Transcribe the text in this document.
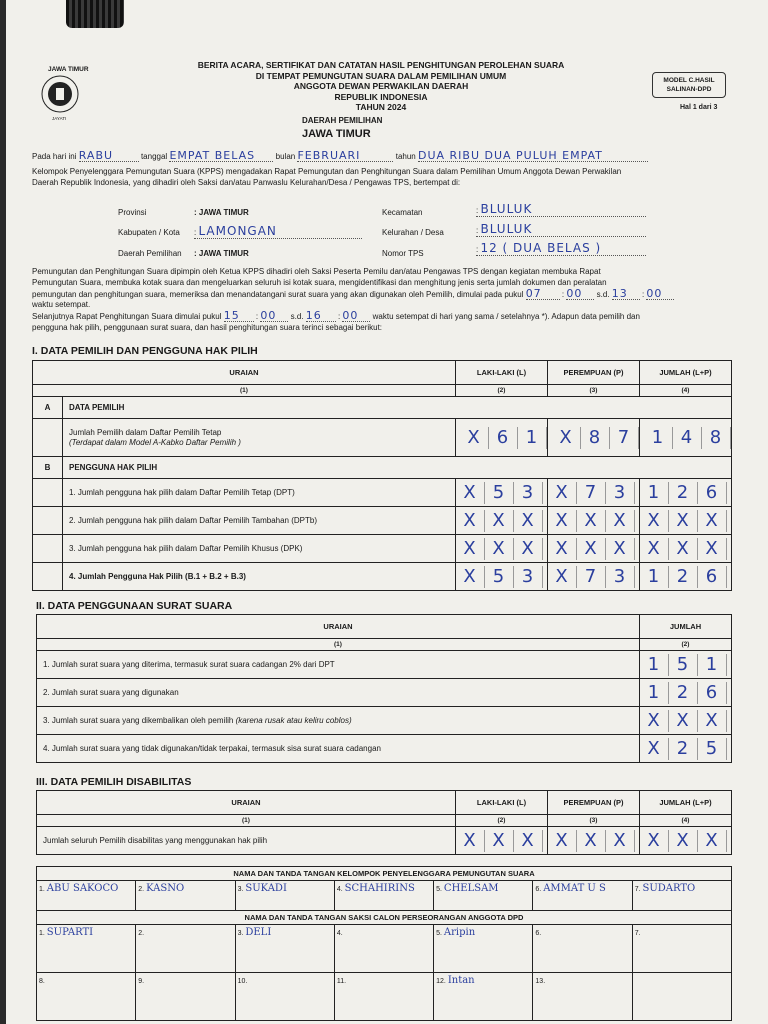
JAWA TIMUR
JAYATI
BERITA ACARA, SERTIFIKAT DAN CATATAN HASIL PENGHITUNGAN PEROLEHAN SUARA
DI TEMPAT PEMUNGUTAN SUARA DALAM PEMILIHAN UMUM
ANGGOTA DEWAN PERWAKILAN DAERAH
REPUBLIK INDONESIA
TAHUN 2024
MODEL C.HASIL
SALINAN-DPD
Hal 1 dari 3
DAERAH PEMILIHAN
JAWA TIMUR
Pada hari ini RABU	tanggal EMPAT BELAS	bulan FEBRUARI	tahun DUA RIBU DUA PULUH EMPAT
Kelompok Penyelenggara Pemungutan Suara (KPPS) mengadakan Rapat Pemungutan dan Penghitungan Suara dalam Pemilihan Umum Anggota Dewan Perwakilan
Daerah Republik Indonesia, yang dihadiri oleh Saksi dan/atau Panwaslu Kelurahan/Desa / Pengawas TPS, bertempat di:
Provinsi	: JAWA TIMUR
Kabupaten / Kota : LAMONGAN
Daerah Pemilihan : JAWA TIMUR
Kecamatan	: BLULUK
Kelurahan / Desa	: BLULUK
Nomor TPS	: 12 ( DUA BELAS )
Pemungutan dan Penghitungan Suara dipimpin oleh Ketua KPPS dihadiri oleh Saksi Peserta Pemilu dan/atau Pengawas TPS dengan kegiatan membuka Rapat
Pemungutan Suara, membuka kotak suara dan mengeluarkan seluruh isi kotak suara, mengidentifikasi dan menghitung jenis serta jumlah dokumen dan peralatan
pemungutan dan penghitungan suara, memeriksa dan menandatangani surat suara yang akan digunakan oleh Pemilih, dimulai pada pukul 07 : 00 s.d. 13 : 00
waktu setempat.
Selanjutnya Rapat Penghitungan Suara dimulai pukul 15 : 00 s.d. 16 : 00 waktu setempat di hari yang sama / setelahnya *). Adapun data pemilih dan
pengguna hak pilih, penggunaan surat suara, dan hasil penghitungan suara terinci sebagai berikut:
I. DATA PEMILIH DAN PENGGUNA HAK PILIH
URAIAN		LAKI-LAKI (L)	PEREMPUAN (P)	JUMLAH (L+P)
(1)		(2)	(3)	(4)
A	DATA PEMILIH			

	Jumlah Pemilih dalam Daftar Pemilih Tetap
(Terdapat dalam Model A-Kabko Daftar Pemilih )	X 6 1	X 8 7	1 4 8
B	PENGGUNA HAK PILIH			
	1. Jumlah pengguna hak pilih dalam Daftar Pemilih Tetap (DPT)	X 5 3	X 7 3	1 2 6
	2. Jumlah pengguna hak pilih dalam Daftar Pemilih Tambahan (DPTb)	X X X	X X X	X X X
	3. Jumlah pengguna hak pilih dalam Daftar Pemilih Khusus (DPK)	X X X	X X X	X X X
	4. Jumlah Pengguna Hak Pilih (B.1 + B.2 + B.3)	X 5 3	X 7 3	1 2 6
II. DATA PENGGUNAAN SURAT SUARA
URAIAN	JUMLAH
(1)	(2)
1. Jumlah surat suara yang diterima, termasuk surat suara cadangan 2% dari DPT	1 5 1
2. Jumlah surat suara yang digunakan	1 2 6
3. Jumlah surat suara yang dikembalikan oleh pemilih (karena rusak atau keliru coblos)	X X X
4. Jumlah surat suara yang tidak digunakan/tidak terpakai, termasuk sisa surat suara cadangan	X 2 5
III. DATA PEMILIH DISABILITAS
URAIAN	LAKI-LAKI (L)	PEREMPUAN (P)	JUMLAH (L+P)
(1)	(2)	(3)	(4)
Jumlah seluruh Pemilih disabilitas yang menggunakan hak pilih	X X X	X X X	X X X
NAMA DAN TANDA TANGAN KELOMPOK PENYELENGGARA PEMUNGUTAN SUARA						
1. ABU SAKOCO	2. KASNO	3. SUKADI	4. SCHAHIRINS	5. CHELSAM	6. AMMAT U S	7. SUDARTO
NAMA DAN TANDA TANGAN SAKSI CALON PERSEORANGAN ANGGOTA DPD						
1. SUPARTI	2.	3. DELI	4.	5. Aripin	6.	7.
8.	9.	10.	11.	12. Intan	13.	
